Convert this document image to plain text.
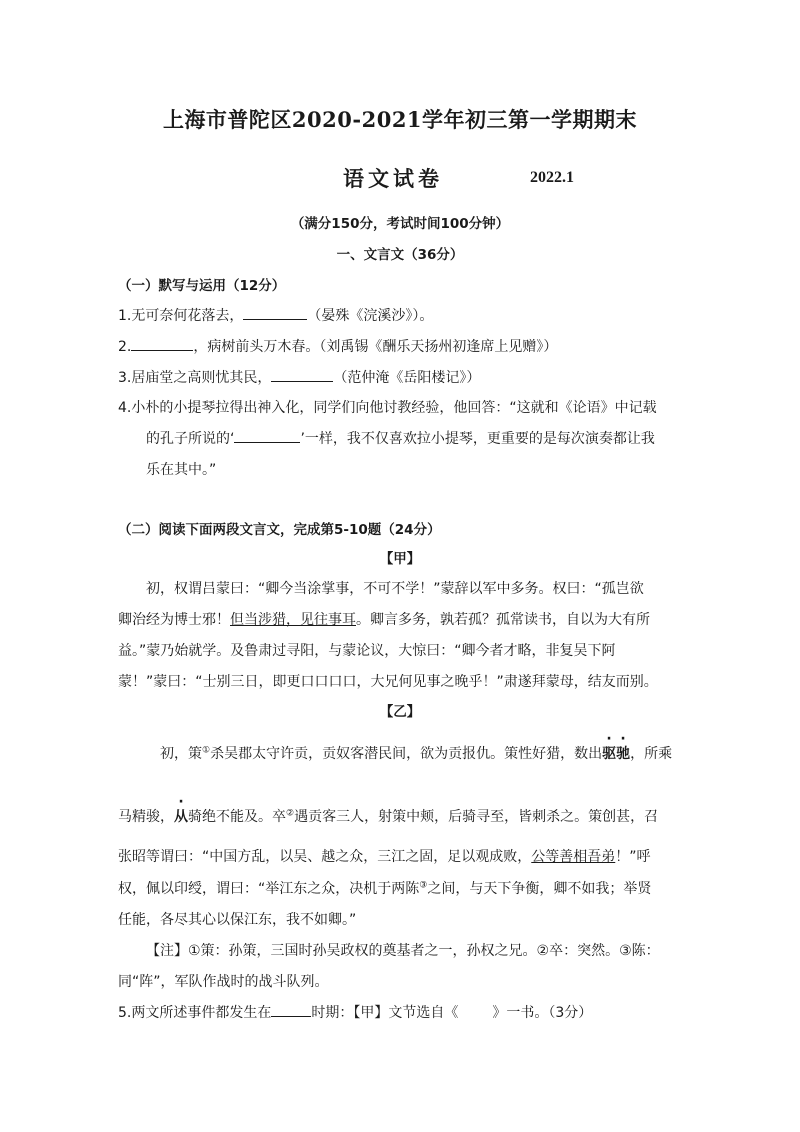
上海市普陀区2020-2021学年初三第一学期期末
语文试卷	2022.1
（满分150分，考试时间100分钟）
一、文言文（36分）
（一）默写与运用（12分）
1.无可奈何花落去，	（晏殊《浣溪沙》）。
2.	，病树前头万木春。（刘禹锡《酬乐天扬州初逢席上见赠》）
3.居庙堂之高则忧其民，	（范仲淹《岳阳楼记》）
4.小朴的小提琴拉得出神入化，同学们向他讨教经验，他回答：“这就和《论语》中记载
的孔子所说的‘	’一样，我不仅喜欢拉小提琴，更重要的是每次演奏都让我
乐在其中。”
（二）阅读下面两段文言文，完成第5-10题（24分）
【甲】
初，权谓吕蒙曰：“卿今当涂掌事，不可不学！”蒙辞以军中多务。权曰：“孤岂欲
卿治经为博士邪！但当涉猎，见往事耳。卿言多务，孰若孤？孤常读书，自以为大有所
益。”蒙乃始就学。及鲁肃过寻阳，与蒙论议，大惊曰：“卿今者才略，非复吴下阿
蒙！”蒙曰：“士别三日，即更口口口口，大兄何见事之晚乎！”肃遂拜蒙母，结友而别。
【乙】
初，策①杀吴郡太守许贡，贡奴客潜民间，欲为贡报仇。策性好猎，数出驱驰，所乘
马精骏，从骑绝不能及。卒②遇贡客三人，射策中颊，后骑寻至，皆刺杀之。策创甚，召
张昭等谓曰：“中国方乱，以吴、越之众，三江之固，足以观成败，公等善相吾弟！”呼
权，佩以印绶，谓曰：“举江东之众，决机于两陈③之间，与天下争衡，卿不如我；举贤
任能，各尽其心以保江东，我不如卿。”
【注】①策：孙策，三国时孙吴政权的奠基者之一，孙权之兄。②卒：突然。③陈：
同“阵”，军队作战时的战斗队列。
5.两文所述事件都发生在	时期：【甲】文节选自《 》一书。（3分）
